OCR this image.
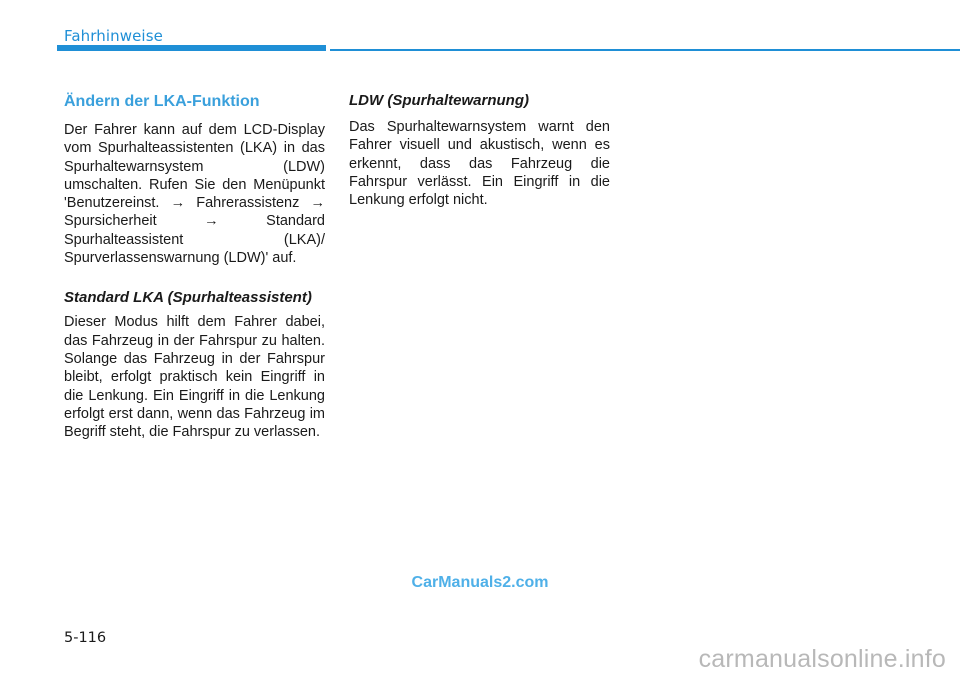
Fahrhinweise
Ändern der LKA-Funktion

Der Fahrer kann auf dem LCD-Display vom Spurhalteassistenten (LKA) in das Spurhaltewarnsystem (LDW) umschalten. Rufen Sie den Menüpunkt 'Benutzereinst. → Fahrerassistenz → Spursicherheit → Standard Spurhalteassistent (LKA)/ Spurverlassenswarnung (LDW)' auf.

Standard LKA (Spurhalteassistent)

Dieser Modus hilft dem Fahrer dabei, das Fahrzeug in der Fahrspur zu halten. Solange das Fahrzeug in der Fahrspur bleibt, erfolgt praktisch kein Eingriff in die Lenkung. Ein Eingriff in die Lenkung erfolgt erst dann, wenn das Fahrzeug im Begriff steht, die Fahrspur zu verlassen.

LDW (Spurhaltewarnung)

Das Spurhaltewarnsystem warnt den Fahrer visuell und akustisch, wenn es erkennt, dass das Fahrzeug die Fahrspur verlässt. Ein Eingriff in die Lenkung erfolgt nicht.

CarManuals2.com
5-116
carmanualsonline.info
